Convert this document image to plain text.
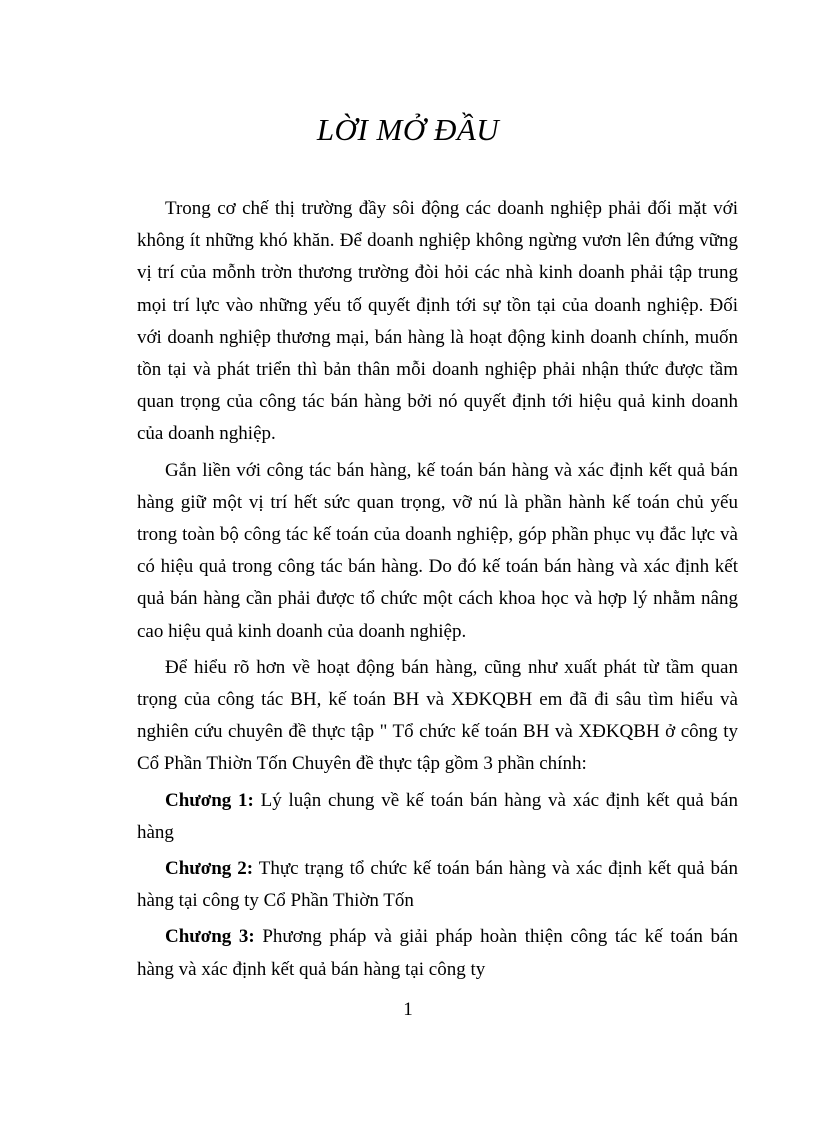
LỜI MỞ ĐẦU

Trong cơ chế thị trường đầy sôi động các doanh nghiệp phải đối mặt với không ít những khó khăn. Để doanh nghiệp không ngừng vươn lên đứng vững vị trí của mỗnh trờn thương trường đòi hỏi các nhà kinh doanh phải tập trung mọi trí lực vào những yếu tố quyết định tới sự tồn tại của doanh nghiệp. Đối với doanh nghiệp thương mại, bán hàng là hoạt động kinh doanh chính, muốn tồn tại và phát triển thì bản thân mỗi doanh nghiệp phải nhận thức được tầm quan trọng của công tác bán hàng bởi nó quyết định tới hiệu quả kinh doanh của doanh nghiệp.

Gắn liền với công tác bán hàng, kế toán bán hàng và xác định kết quả bán hàng giữ một vị trí hết sức quan trọng, vỡ nú là phần hành kế toán chủ yếu trong toàn bộ công tác kế toán của doanh nghiệp, góp phần phục vụ đắc lực và có hiệu quả trong công tác bán hàng. Do đó kế toán bán hàng và xác định kết quả bán hàng cần phải được tổ chức một cách khoa học và hợp lý nhằm nâng cao hiệu quả kinh doanh của doanh nghiệp.

Để hiểu rõ hơn về hoạt động bán hàng, cũng như xuất phát từ tầm quan trọng của công tác BH, kế toán BH và XĐKQBH em đã đi sâu tìm hiểu và nghiên cứu chuyên đề thực tập " Tổ chức kế toán BH và XĐKQBH ở công ty Cổ Phần Thiờn Tốn Chuyên đề thực tập gồm 3 phần chính:

Chương 1: Lý luận chung về kế toán bán hàng và xác định kết quả bán hàng

Chương 2: Thực trạng tổ chức kế toán bán hàng và xác định kết quả bán hàng tại công ty Cổ Phần Thiờn Tốn

Chương 3: Phương pháp và giải pháp hoàn thiện công tác kế toán bán hàng và xác định kết quả bán hàng tại công ty

1
